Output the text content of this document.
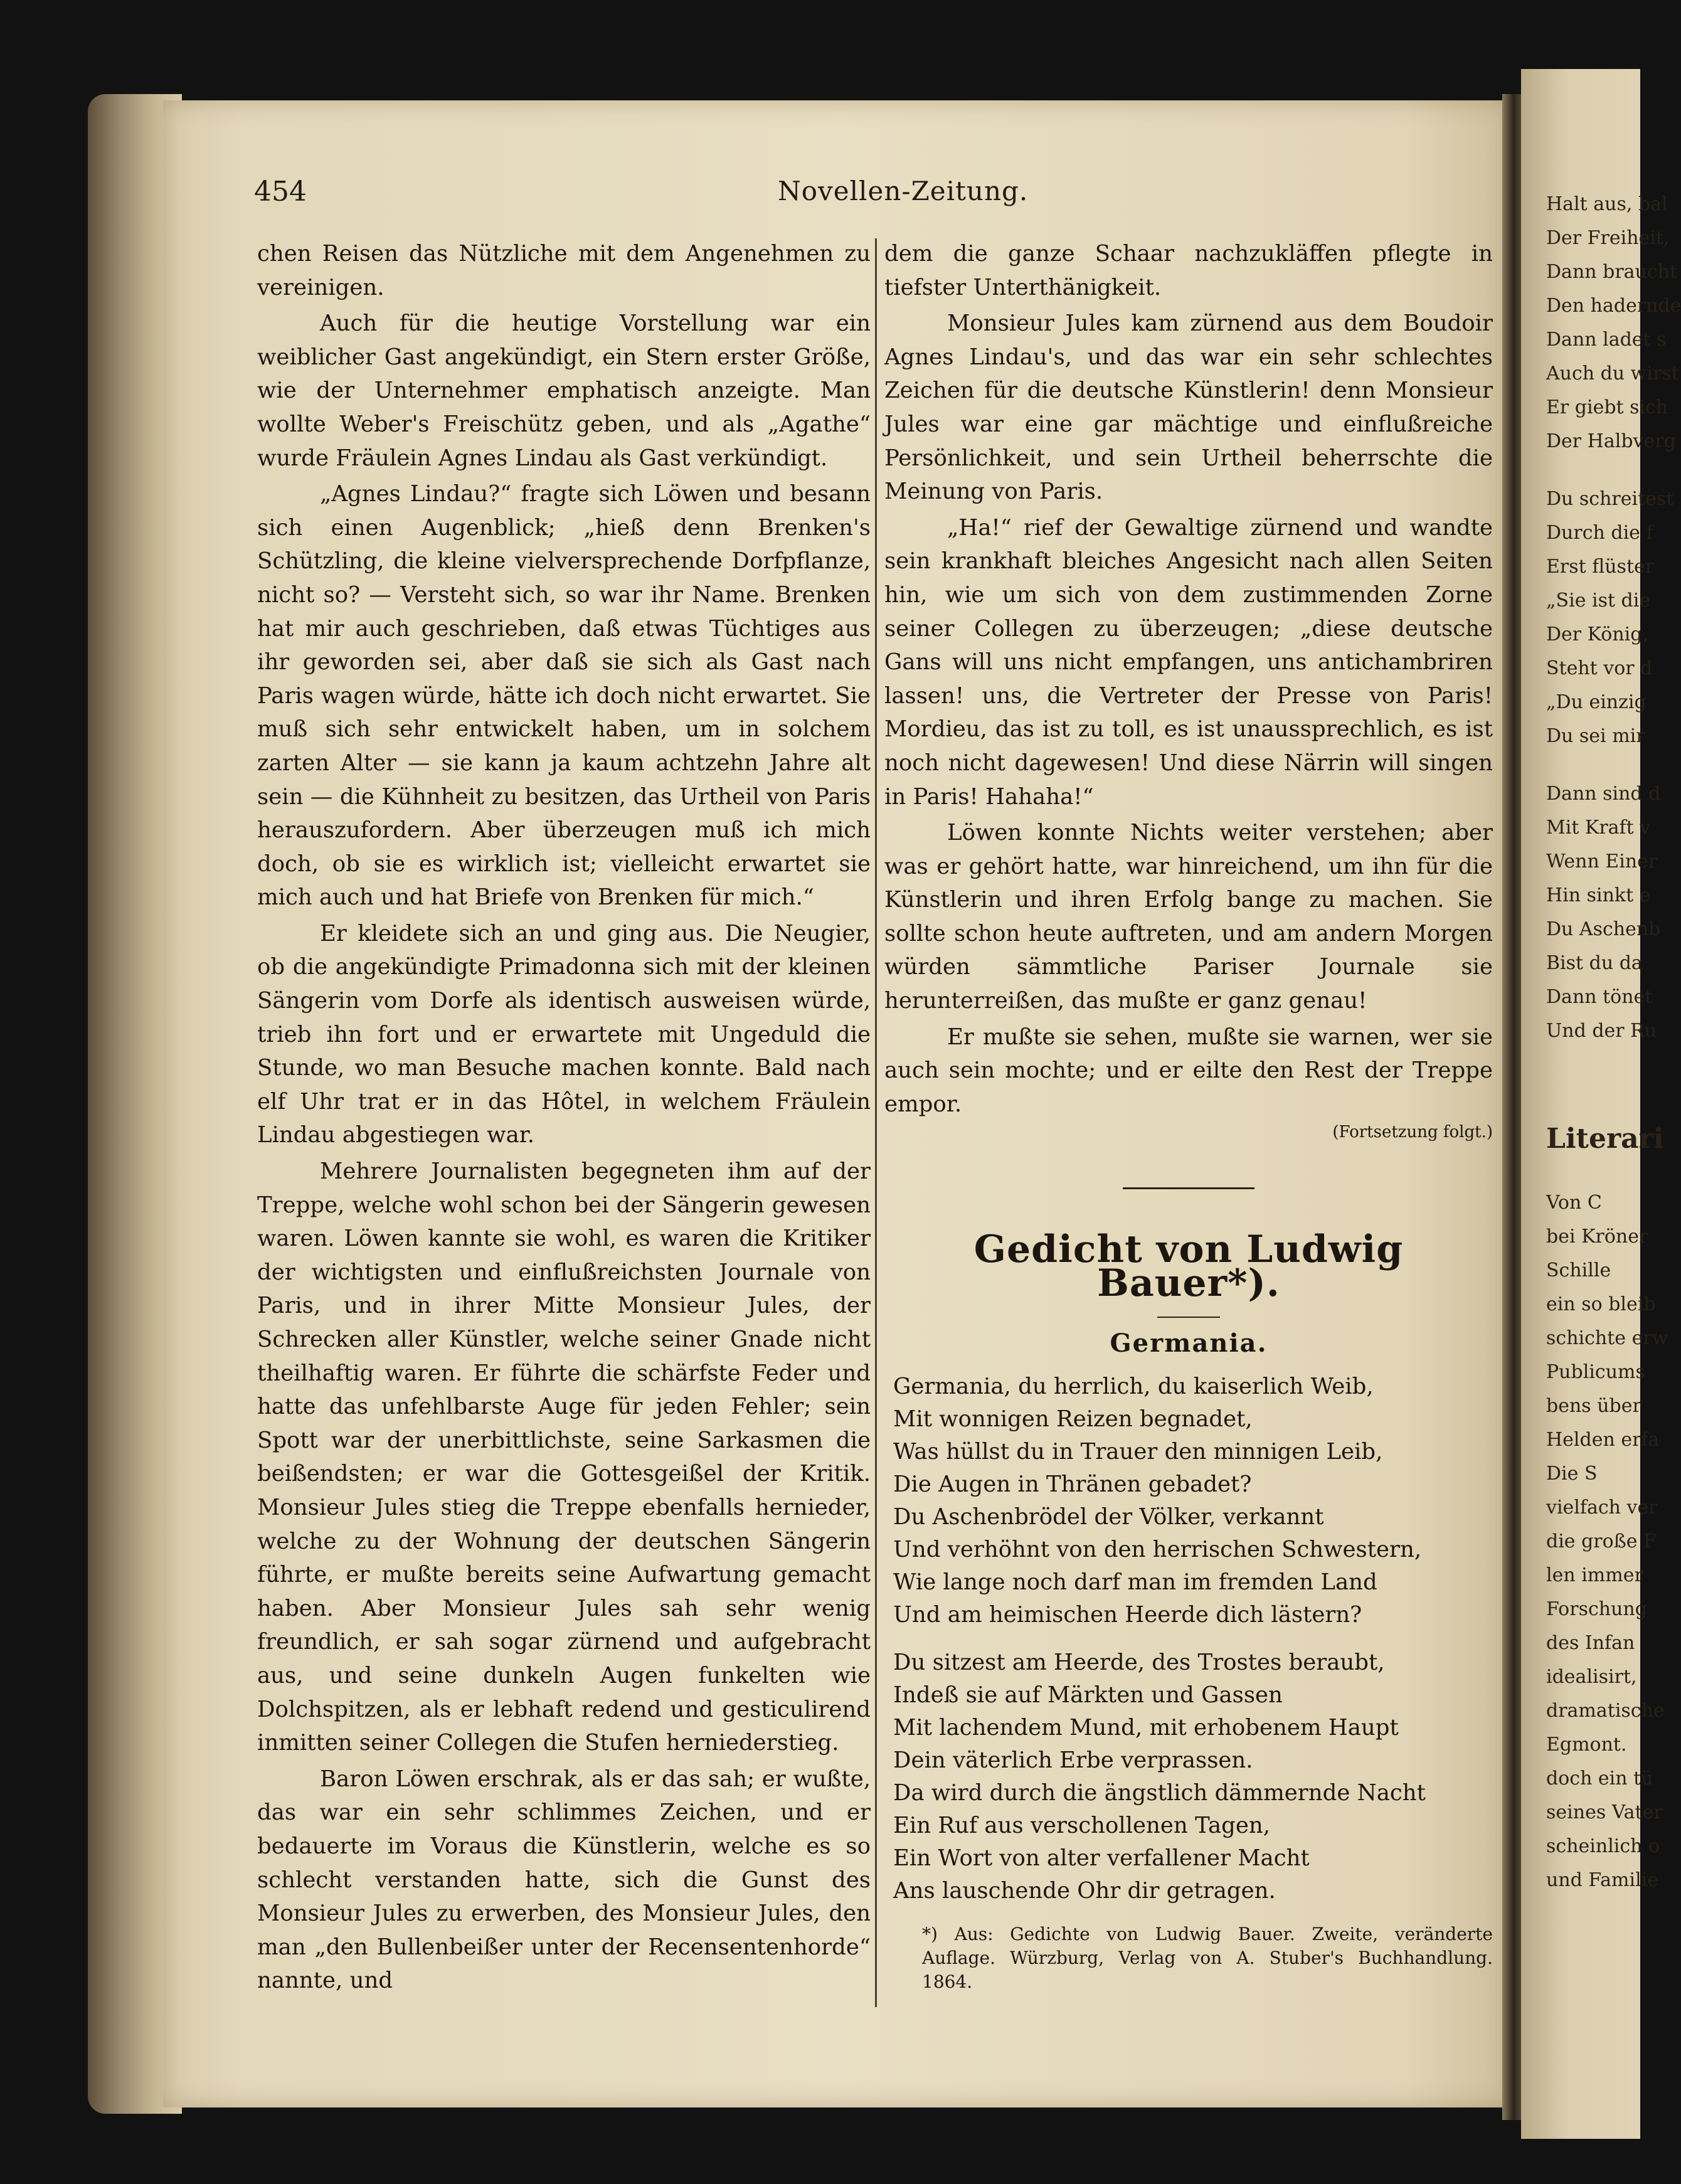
Halt aus, bal
Der Freiheit,
Dann braucht
Den hadernde
Dann ladet s
Auch du wirst
Er giebt sich
Der Halbverg
Du schreitest
Durch die f
Erst flüster
„Sie ist die
Der König,
Steht vor d
„Du einzig
Du sei mir
Dann sind d
Mit Kraft v
Wenn Einer
Hin sinkt e
Du Aschenb
Bist du da
Dann tönet
Und der Ru
Literari
Von C
bei Kröner
Schille
ein so bleib
schichte erw
Publicums
bens über
Helden erfa
Die S
vielfach ver
die große F
len immer
Forschung
des Infan
idealisirt,
dramatische
Egmont.
doch ein tü
seines Vater
scheinlich o
und Familie
454	Novellen-Zeitung.

chen Reisen das Nützliche mit dem Angenehmen zu vereinigen.

Auch für die heutige Vorstellung war ein weiblicher Gast angekündigt, ein Stern erster Größe, wie der Unternehmer emphatisch anzeigte. Man wollte Weber's Freischütz geben, und als „Agathe“ wurde Fräulein Agnes Lindau als Gast verkündigt.

„Agnes Lindau?“ fragte sich Löwen und besann sich einen Augenblick; „hieß denn Brenken's Schützling, die kleine vielversprechende Dorfpflanze, nicht so? — Versteht sich, so war ihr Name. Brenken hat mir auch geschrieben, daß etwas Tüchtiges aus ihr geworden sei, aber daß sie sich als Gast nach Paris wagen würde, hätte ich doch nicht erwartet. Sie muß sich sehr entwickelt haben, um in solchem zarten Alter — sie kann ja kaum achtzehn Jahre alt sein — die Kühnheit zu besitzen, das Urtheil von Paris herauszufordern. Aber überzeugen muß ich mich doch, ob sie es wirklich ist; vielleicht erwartet sie mich auch und hat Briefe von Brenken für mich.“

Er kleidete sich an und ging aus. Die Neugier, ob die angekündigte Primadonna sich mit der kleinen Sängerin vom Dorfe als identisch ausweisen würde, trieb ihn fort und er erwartete mit Ungeduld die Stunde, wo man Besuche machen konnte. Bald nach elf Uhr trat er in das Hôtel, in welchem Fräulein Lindau abgestiegen war.

Mehrere Journalisten begegneten ihm auf der Treppe, welche wohl schon bei der Sängerin gewesen waren. Löwen kannte sie wohl, es waren die Kritiker der wichtigsten und einflußreichsten Journale von Paris, und in ihrer Mitte Monsieur Jules, der Schrecken aller Künstler, welche seiner Gnade nicht theilhaftig waren. Er führte die schärfste Feder und hatte das unfehlbarste Auge für jeden Fehler; sein Spott war der unerbittlichste, seine Sarkasmen die beißendsten; er war die Gottesgeißel der Kritik. Monsieur Jules stieg die Treppe ebenfalls hernieder, welche zu der Wohnung der deutschen Sängerin führte, er mußte bereits seine Aufwartung gemacht haben. Aber Monsieur Jules sah sehr wenig freundlich, er sah sogar zürnend und aufgebracht aus, und seine dunkeln Augen funkelten wie Dolchspitzen, als er lebhaft redend und gesticulirend inmitten seiner Collegen die Stufen herniederstieg.

Baron Löwen erschrak, als er das sah; er wußte, das war ein sehr schlimmes Zeichen, und er bedauerte im Voraus die Künstlerin, welche es so schlecht verstanden hatte, sich die Gunst des Monsieur Jules zu erwerben, des Monsieur Jules, den man „den Bullenbeißer unter der Recensentenhorde“ nannte, und

dem die ganze Schaar nachzukläffen pflegte in tiefster Unterthänigkeit.

Monsieur Jules kam zürnend aus dem Boudoir Agnes Lindau's, und das war ein sehr schlechtes Zeichen für die deutsche Künstlerin! denn Monsieur Jules war eine gar mächtige und einflußreiche Persönlichkeit, und sein Urtheil beherrschte die Meinung von Paris.

„Ha!“ rief der Gewaltige zürnend und wandte sein krankhaft bleiches Angesicht nach allen Seiten hin, wie um sich von dem zustimmenden Zorne seiner Collegen zu überzeugen; „diese deutsche Gans will uns nicht empfangen, uns antichambriren lassen! uns, die Vertreter der Presse von Paris! Mordieu, das ist zu toll, es ist unaussprechlich, es ist noch nicht dagewesen! Und diese Närrin will singen in Paris! Hahaha!“

Löwen konnte Nichts weiter verstehen; aber was er gehört hatte, war hinreichend, um ihn für die Künstlerin und ihren Erfolg bange zu machen. Sie sollte schon heute auftreten, und am andern Morgen würden sämmtliche Pariser Journale sie herunterreißen, das mußte er ganz genau!

Er mußte sie sehen, mußte sie warnen, wer sie auch sein mochte; und er eilte den Rest der Treppe empor.

(Fortsetzung folgt.)
Gedicht von Ludwig Bauer*).
Germania.
Germania, du herrlich, du kaiserlich Weib,
Mit wonnigen Reizen begnadet,
Was hüllst du in Trauer den minnigen Leib,
Die Augen in Thränen gebadet?
Du Aschenbrödel der Völker, verkannt
Und verhöhnt von den herrischen Schwestern,
Wie lange noch darf man im fremden Land
Und am heimischen Heerde dich lästern?
Du sitzest am Heerde, des Trostes beraubt,
Indeß sie auf Märkten und Gassen
Mit lachendem Mund, mit erhobenem Haupt
Dein väterlich Erbe verprassen.
Da wird durch die ängstlich dämmernde Nacht
Ein Ruf aus verschollenen Tagen,
Ein Wort von alter verfallener Macht
Ans lauschende Ohr dir getragen.

*) Aus: Gedichte von Ludwig Bauer. Zweite, veränderte Auflage. Würzburg, Verlag von A. Stuber's Buchhandlung. 1864.
